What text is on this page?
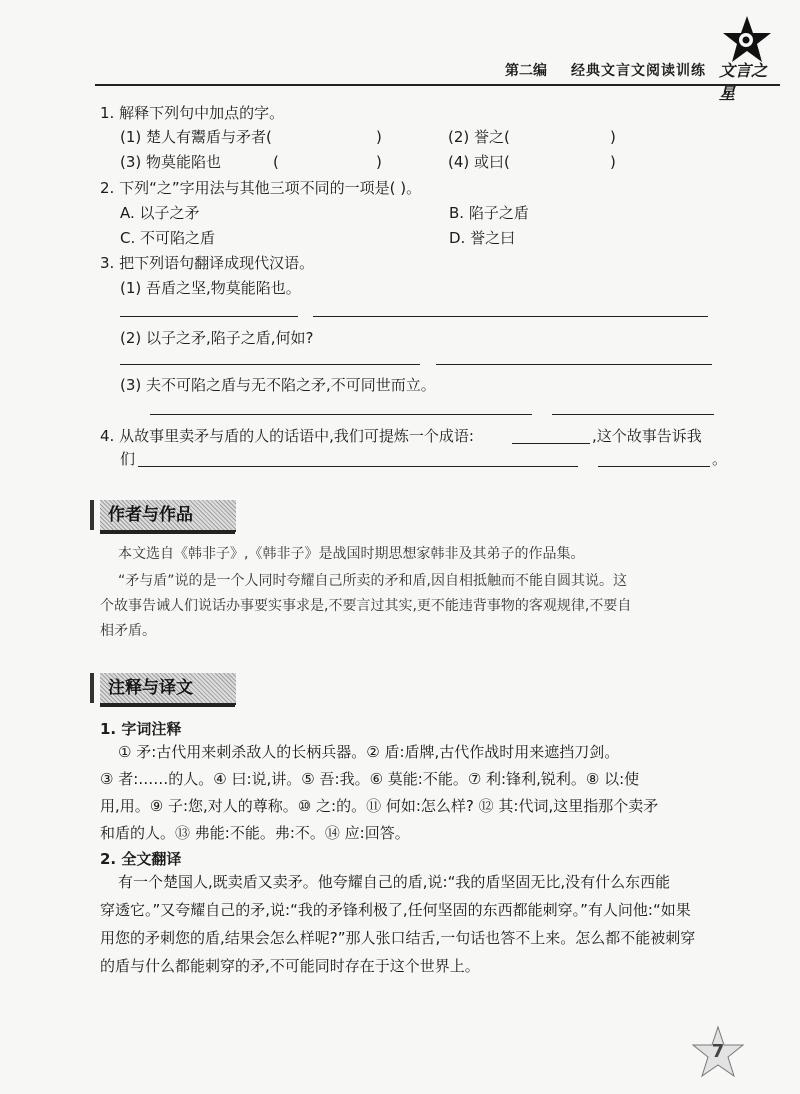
第二编 经典文言文阅读训练 文言之星
1. 解释下列句中加点的字。
(1) 楚人有鬻盾与矛者(	)	(2) 誉之(	)
(3) 物莫能陷也	(	)	(4) 或曰(	)
2. 下列“之”字用法与其他三项不同的一项是( )。
A. 以子之矛	B. 陷子之盾
C. 不可陷之盾	D. 誉之曰
3. 把下列语句翻译成现代汉语。
(1) 吾盾之坚,物莫能陷也。
(2) 以子之矛,陷子之盾,何如?
(3) 夫不可陷之盾与无不陷之矛,不可同世而立。
4. 从故事里卖矛与盾的人的话语中,我们可提炼一个成语:	,这个故事告诉我
们	。
作者与作品
本文选自《韩非子》,《韩非子》是战国时期思想家韩非及其弟子的作品集。
“矛与盾”说的是一个人同时夸耀自己所卖的矛和盾,因自相抵触而不能自圆其说。这
个故事告诫人们说话办事要实事求是,不要言过其实,更不能违背事物的客观规律,不要自
相矛盾。
注释与译文
1. 字词注释
① 矛:古代用来刺杀敌人的长柄兵器。② 盾:盾牌,古代作战时用来遮挡刀剑。
③ 者:……的人。④ 曰:说,讲。⑤ 吾:我。⑥ 莫能:不能。⑦ 利:锋利,锐利。⑧ 以:使
用,用。⑨ 子:您,对人的尊称。⑩ 之:的。⑪ 何如:怎么样? ⑫ 其:代词,这里指那个卖矛
和盾的人。⑬ 弗能:不能。弗:不。⑭ 应:回答。
2. 全文翻译
有一个楚国人,既卖盾又卖矛。他夸耀自己的盾,说:“我的盾坚固无比,没有什么东西能
穿透它。”又夸耀自己的矛,说:“我的矛锋利极了,任何坚固的东西都能刺穿。”有人问他:“如果
用您的矛刺您的盾,结果会怎么样呢?”那人张口结舌,一句话也答不上来。怎么都不能被刺穿
的盾与什么都能刺穿的矛,不可能同时存在于这个世界上。
7
